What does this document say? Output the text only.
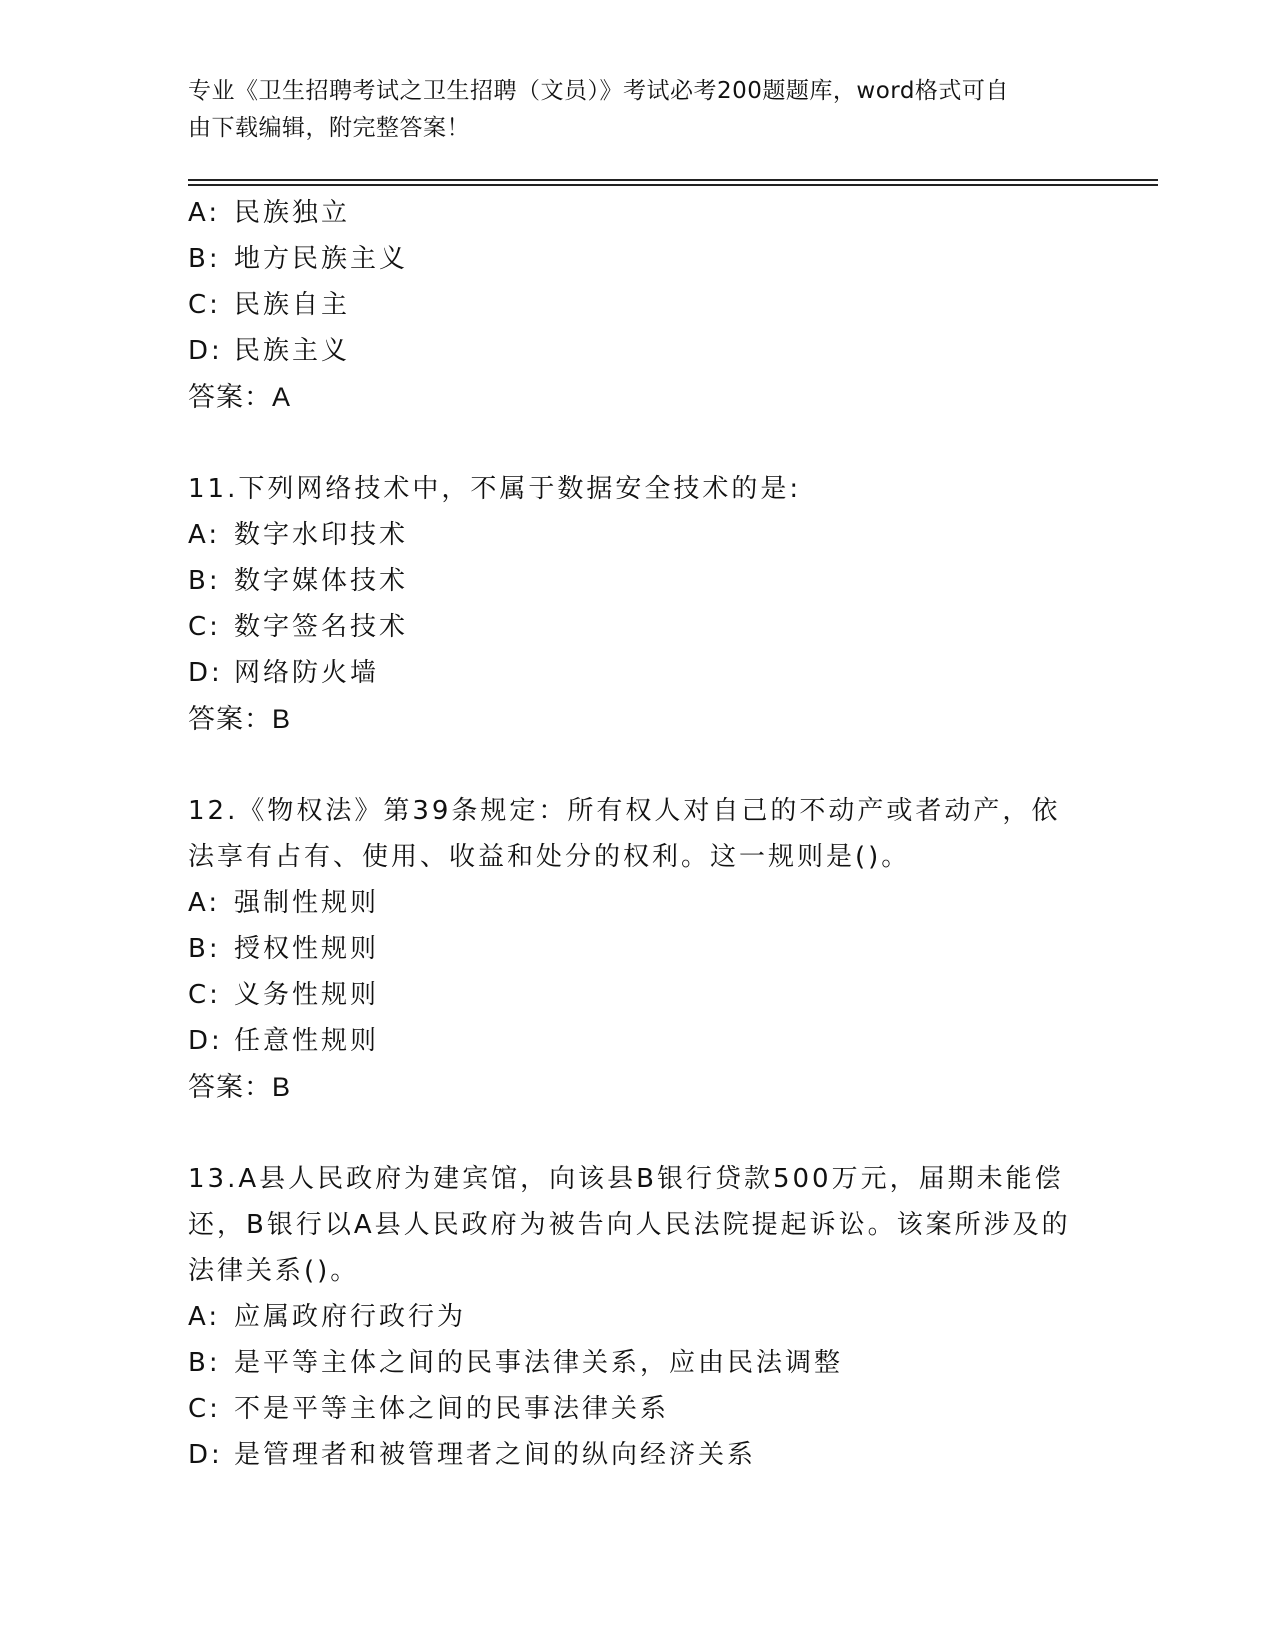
专业《卫生招聘考试之卫生招聘（文员）》考试必考200题题库，word格式可自
由下载编辑，附完整答案！
A: 民族独立
B: 地方民族主义
C: 民族自主
D: 民族主义
答案：A
11.下列网络技术中，不属于数据安全技术的是:
A: 数字水印技术
B: 数字媒体技术
C: 数字签名技术
D: 网络防火墙
答案：B
12.《物权法》第39条规定：所有权人对自己的不动产或者动产，依
法享有占有、使用、收益和处分的权利。这一规则是()。
A: 强制性规则
B: 授权性规则
C: 义务性规则
D: 任意性规则
答案：B
13.A县人民政府为建宾馆，向该县B银行贷款500万元，届期未能偿
还，B银行以A县人民政府为被告向人民法院提起诉讼。该案所涉及的
法律关系()。
A: 应属政府行政行为
B: 是平等主体之间的民事法律关系，应由民法调整
C: 不是平等主体之间的民事法律关系
D: 是管理者和被管理者之间的纵向经济关系
